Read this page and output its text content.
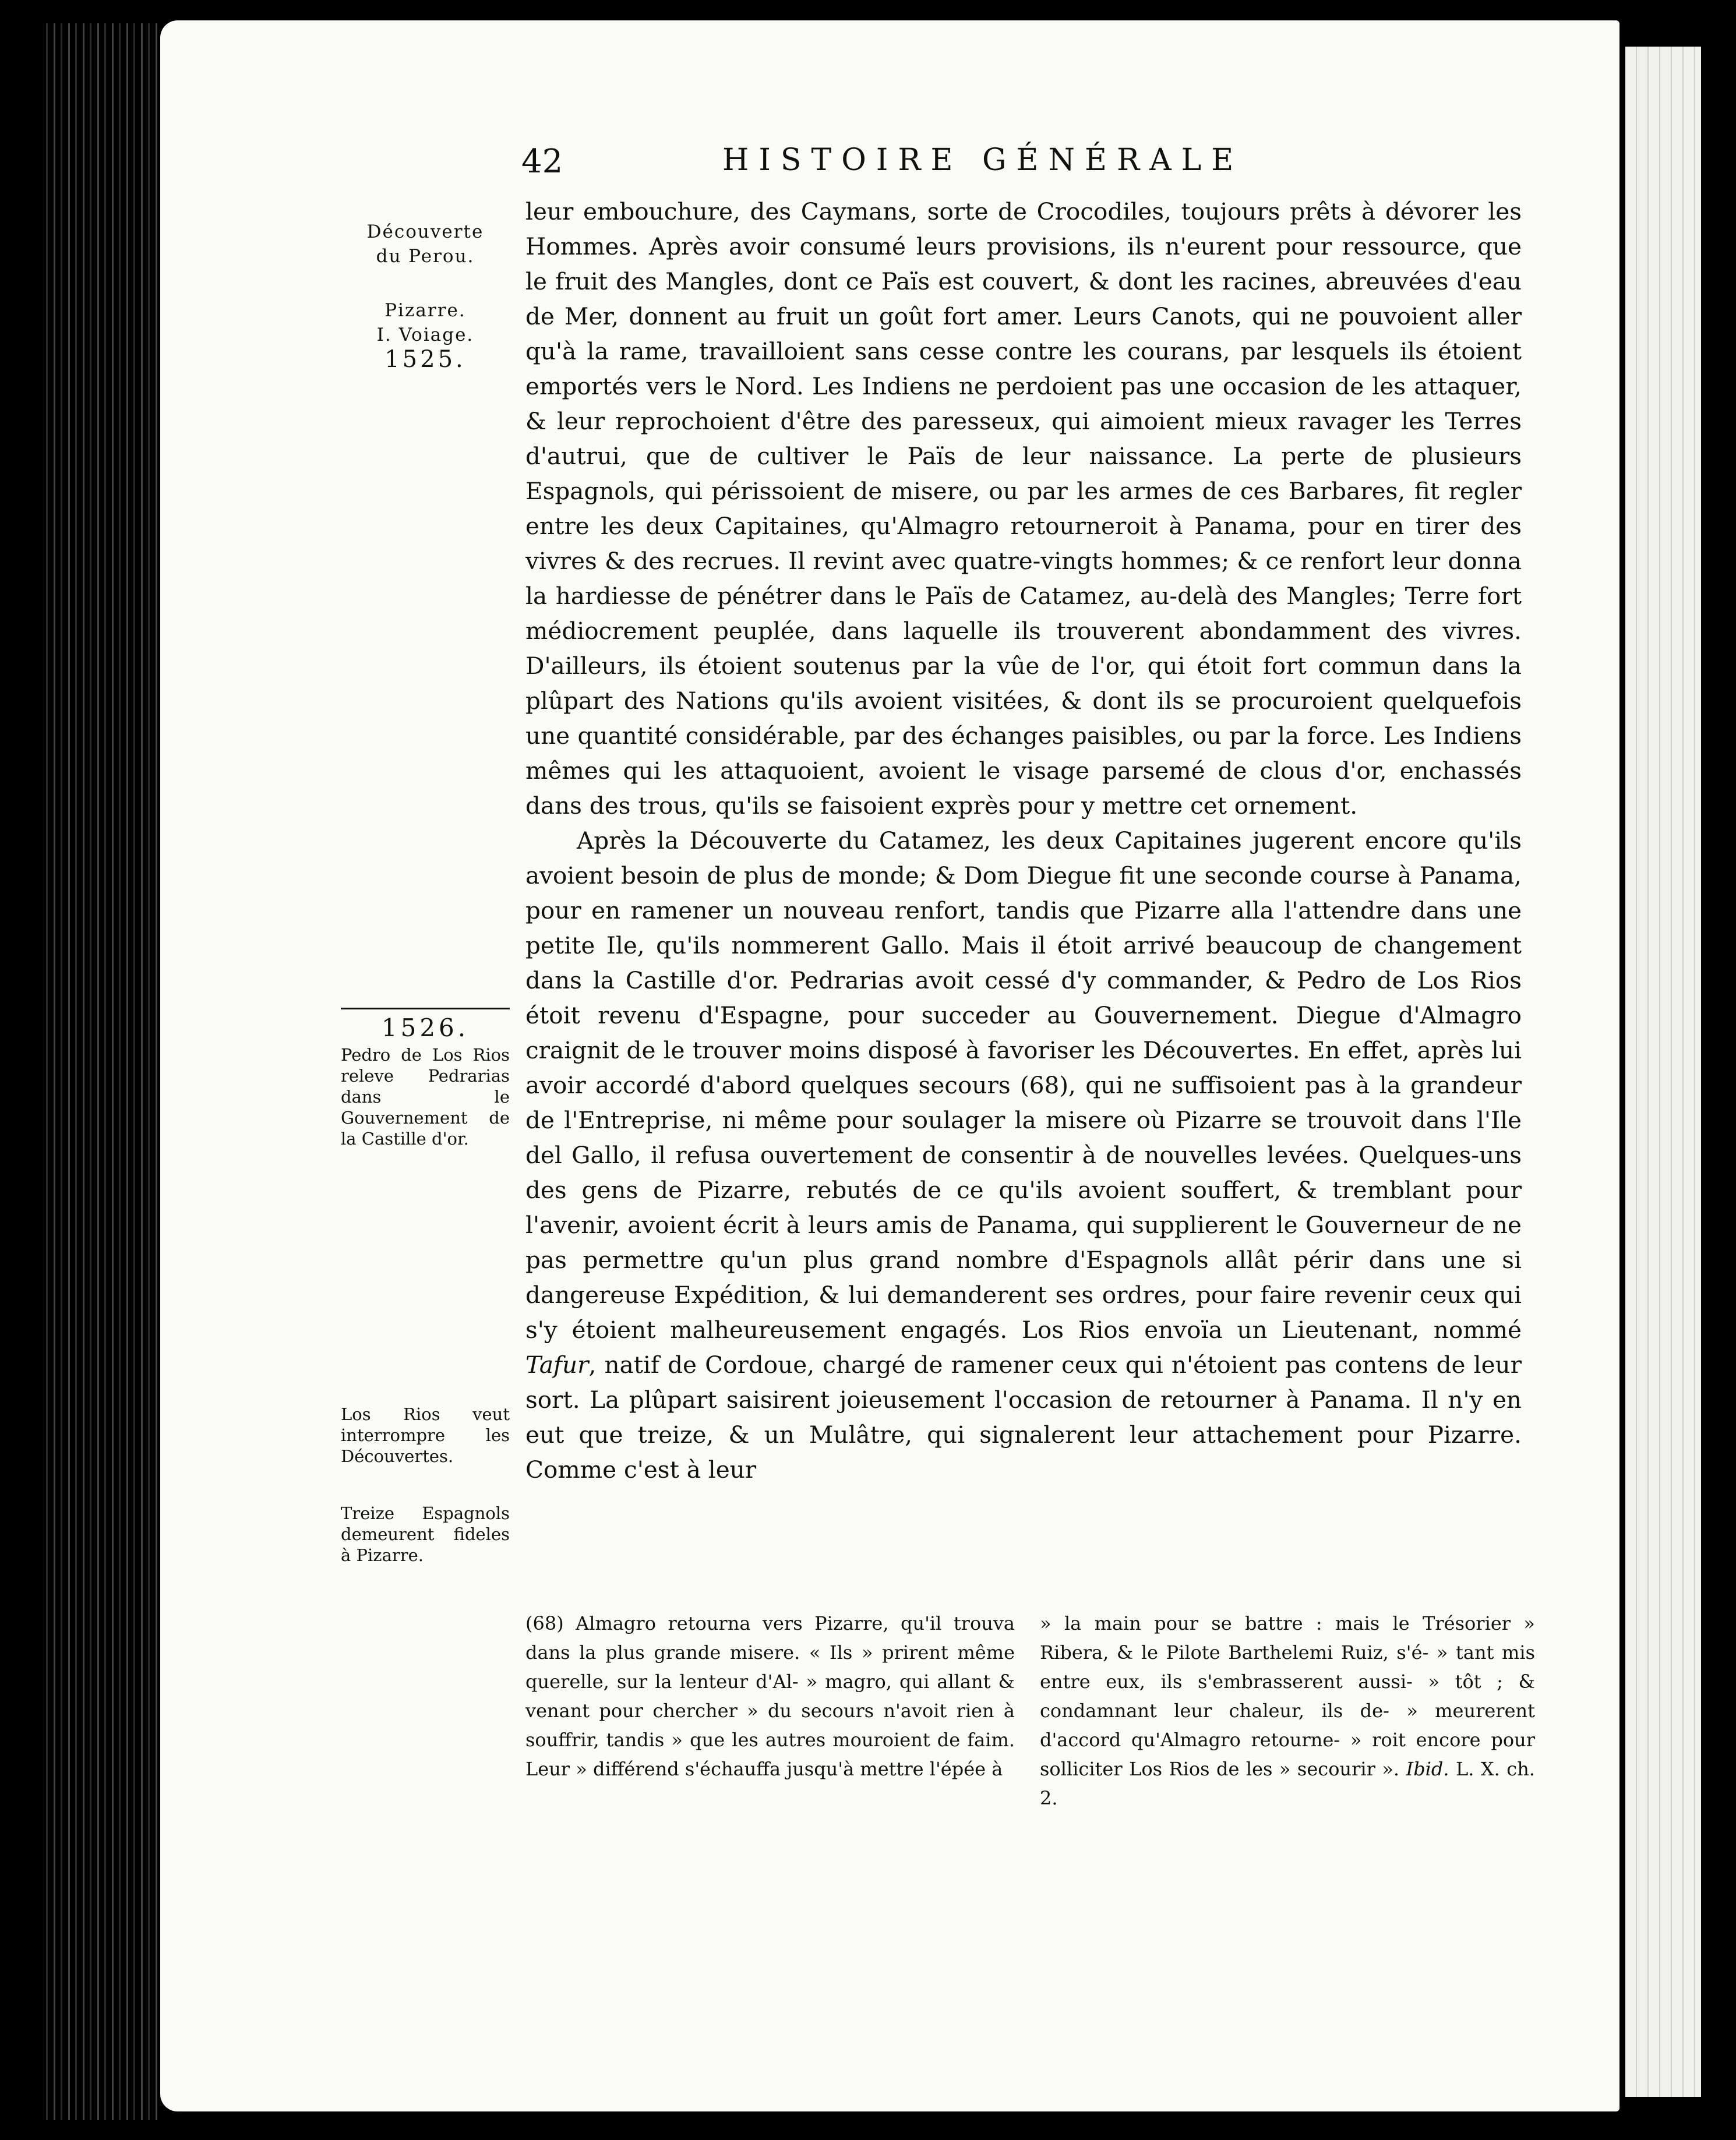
42	HISTOIRE GÉNÉRALE

Découverte

du Perou.

Pizarre.

I. Voiage.

1525.

1526.

Pedro de Los Rios releve Pedrarias dans le Gouvernement de la Castille d'or.

Los Rios veut interrompre les Découvertes.

Treize Espagnols demeurent fideles à Pizarre.

leur embouchure, des Caymans, sorte de Crocodiles, toujours prêts à dévorer les Hommes. Après avoir consumé leurs provisions, ils n'eurent pour ressource, que le fruit des Mangles, dont ce Païs est couvert, & dont les racines, abreuvées d'eau de Mer, donnent au fruit un goût fort amer. Leurs Canots, qui ne pouvoient aller qu'à la rame, travailloient sans cesse contre les courans, par lesquels ils étoient emportés vers le Nord. Les Indiens ne perdoient pas une occasion de les attaquer, & leur reprochoient d'être des paresseux, qui aimoient mieux ravager les Terres d'autrui, que de cultiver le Païs de leur naissance. La perte de plusieurs Espagnols, qui périssoient de misere, ou par les armes de ces Barbares, fit regler entre les deux Capitaines, qu'Almagro retourneroit à Panama, pour en tirer des vivres & des recrues. Il revint avec quatre-vingts hommes; & ce renfort leur donna la hardiesse de pénétrer dans le Païs de Catamez, au-delà des Mangles; Terre fort médiocrement peuplée, dans laquelle ils trouverent abondamment des vivres. D'ailleurs, ils étoient soutenus par la vûe de l'or, qui étoit fort commun dans la plûpart des Nations qu'ils avoient visitées, & dont ils se procuroient quelquefois une quantité considérable, par des échanges paisibles, ou par la force. Les Indiens mêmes qui les attaquoient, avoient le visage parsemé de clous d'or, enchassés dans des trous, qu'ils se faisoient exprès pour y mettre cet ornement.

Après la Découverte du Catamez, les deux Capitaines jugerent encore qu'ils avoient besoin de plus de monde; & Dom Diegue fit une seconde course à Panama, pour en ramener un nouveau renfort, tandis que Pizarre alla l'attendre dans une petite Ile, qu'ils nommerent Gallo. Mais il étoit arrivé beaucoup de changement dans la Castille d'or. Pedrarias avoit cessé d'y commander, & Pedro de Los Rios étoit revenu d'Espagne, pour succeder au Gouvernement. Diegue d'Almagro craignit de le trouver moins disposé à favoriser les Découvertes. En effet, après lui avoir accordé d'abord quelques secours (68), qui ne suffisoient pas à la grandeur de l'Entreprise, ni même pour soulager la misere où Pizarre se trouvoit dans l'Ile del Gallo, il refusa ouvertement de consentir à de nouvelles levées. Quelques-uns des gens de Pizarre, rebutés de ce qu'ils avoient souffert, & tremblant pour l'avenir, avoient écrit à leurs amis de Panama, qui supplierent le Gouverneur de ne pas permettre qu'un plus grand nombre d'Espagnols allât périr dans une si dangereuse Expédition, & lui demanderent ses ordres, pour faire revenir ceux qui s'y étoient malheureusement engagés. Los Rios envoïa un Lieutenant, nommé Tafur, natif de Cordoue, chargé de ramener ceux qui n'étoient pas contens de leur sort. La plûpart saisirent joieusement l'occasion de retourner à Panama. Il n'y en eut que treize, & un Mulâtre, qui signalerent leur attachement pour Pizarre. Comme c'est à leur

(68) Almagro retourna vers Pizarre, qu'il trouva dans la plus grande misere. « Ils » prirent même querelle, sur la lenteur d'Al- » magro, qui allant & venant pour chercher » du secours n'avoit rien à souffrir, tandis » que les autres mouroient de faim. Leur » différend s'échauffa jusqu'à mettre l'épée à

» la main pour se battre : mais le Trésorier » Ribera, & le Pilote Barthelemi Ruiz, s'é- » tant mis entre eux, ils s'embrasserent aussi- » tôt ; & condamnant leur chaleur, ils de- » meurerent d'accord qu'Almagro retourne- » roit encore pour solliciter Los Rios de les » secourir ». Ibid. L. X. ch. 2.
